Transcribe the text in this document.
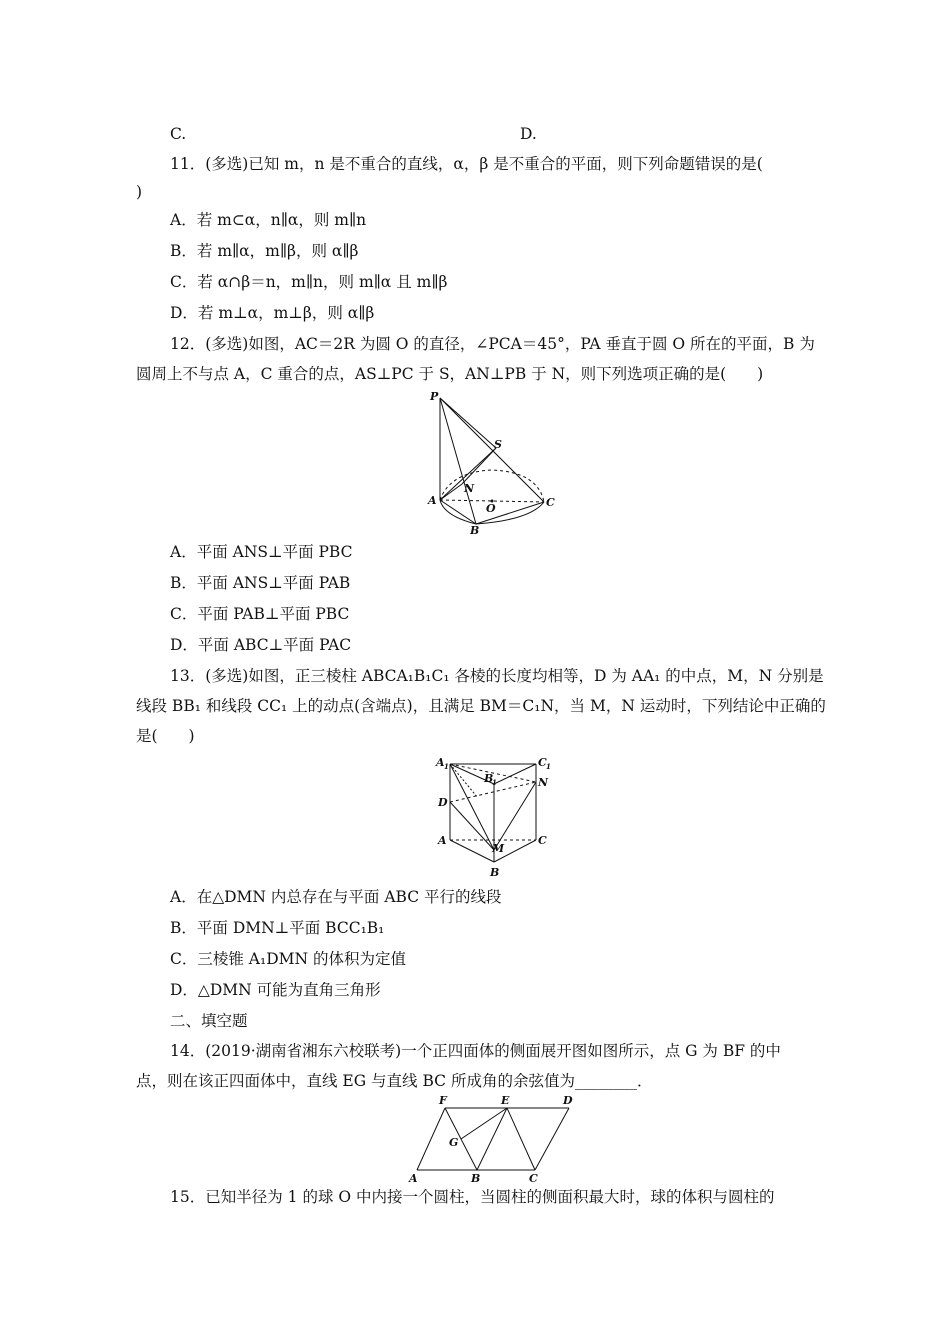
C.	D.
11．(多选)已知 m，n 是不重合的直线，α，β 是不重合的平面，则下列命题错误的是(
)
A．若 m⊂α，n∥α，则 m∥n
B．若 m∥α，m∥β，则 α∥β
C．若 α∩β＝n，m∥n，则 m∥α 且 m∥β
D．若 m⊥α，m⊥β，则 α∥β
12．(多选)如图，AC＝2R 为圆 O 的直径，∠PCA＝45°，PA 垂直于圆 O 所在的平面，B 为
圆周上不与点 A，C 重合的点，AS⊥PC 于 S，AN⊥PB 于 N，则下列选项正确的是(　　)
P
S
N
A
O	C
B
A．平面 ANS⊥平面 PBC
B．平面 ANS⊥平面 PAB
C．平面 PAB⊥平面 PBC
D．平面 ABC⊥平面 PAC
13．(多选)如图，正三棱柱 ABCA₁B₁C₁ 各棱的长度均相等，D 为 AA₁ 的中点，M，N 分别是
线段 BB₁ 和线段 CC₁ 上的动点(含端点)，且满足 BM＝C₁N，当 M，N 运动时，下列结论中正确的
是(　　)
A 1
B
1
C 1
D
N
A
M
C
B
A．在△DMN 内总存在与平面 ABC 平行的线段
B．平面 DMN⊥平面 BCC₁B₁
C．三棱锥 A₁DMN 的体积为定值
D．△DMN 可能为直角三角形
二、填空题
14．(2019·湖南省湘东六校联考)一个正四面体的侧面展开图如图所示，点 G 为 BF 的中
点，则在该正四面体中，直线 EG 与直线 BC 所成角的余弦值为________．
F	E	D
G
A	B	C
15．已知半径为 1 的球 O 中内接一个圆柱，当圆柱的侧面积最大时，球的体积与圆柱的
